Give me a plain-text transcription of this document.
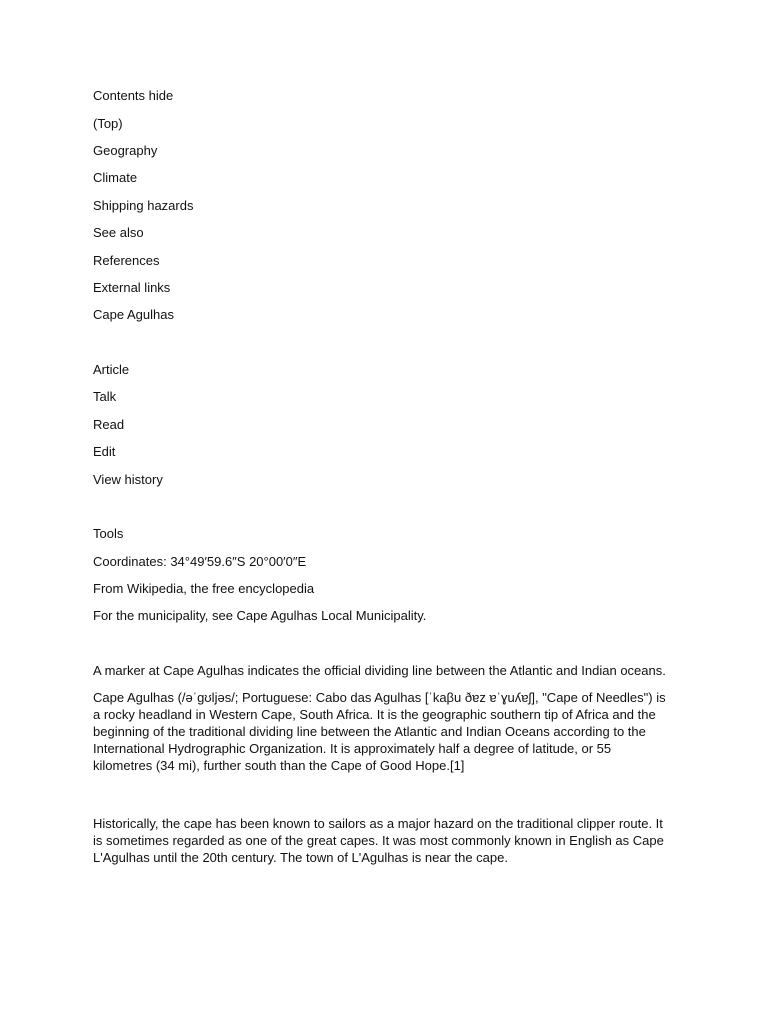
Contents hide
(Top)
Geography
Climate
Shipping hazards
See also
References
External links
Cape Agulhas
Article
Talk
Read
Edit
View history
Tools
Coordinates: 34°49′59.6″S 20°00′0″E
From Wikipedia, the free encyclopedia
For the municipality, see Cape Agulhas Local Municipality.
A marker at Cape Agulhas indicates the official dividing line between the Atlantic and Indian oceans.
Cape Agulhas (/əˈɡʊljəs/; Portuguese: Cabo das Agulhas [ˈkaβu ðɐz ɐˈɣuʎɐʃ], "Cape of Needles") is a rocky headland in Western Cape, South Africa. It is the geographic southern tip of Africa and the beginning of the traditional dividing line between the Atlantic and Indian Oceans according to the International Hydrographic Organization. It is approximately half a degree of latitude, or 55 kilometres (34 mi), further south than the Cape of Good Hope.[1]
Historically, the cape has been known to sailors as a major hazard on the traditional clipper route. It is sometimes regarded as one of the great capes. It was most commonly known in English as Cape L'Agulhas until the 20th century. The town of L'Agulhas is near the cape.
